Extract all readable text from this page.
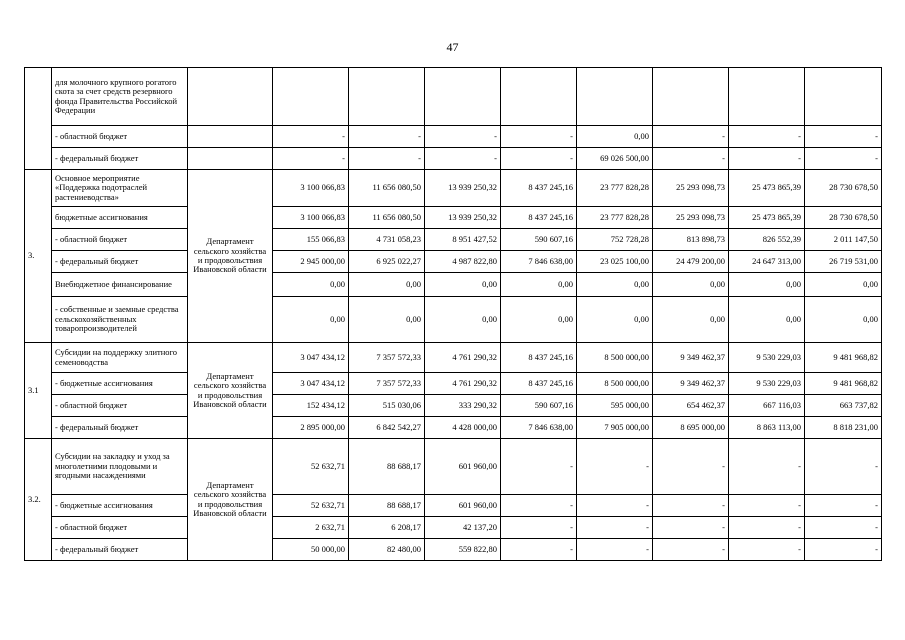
47
	для молочного крупного рогатого скота за счет средств резервного фонда Правительства Российской Федерации									
	- областной бюджет		-	-	-	-	0,00	-	-	-
	- федеральный бюджет		-	-	-	-	69 026 500,00	-	-	-
3.	Основное мероприятие «Поддержка подотраслей растениеводства»	Департамент сельского хозяйства и продовольствия Ивановской области	3 100 066,83	11 656 080,50	13 939 250,32	8 437 245,16	23 777 828,28	25 293 098,73	25 473 865,39	28 730 678,50
	бюджетные ассигнования		3 100 066,83	11 656 080,50	13 939 250,32	8 437 245,16	23 777 828,28	25 293 098,73	25 473 865,39	28 730 678,50
	- областной бюджет		155 066,83	4 731 058,23	8 951 427,52	590 607,16	752 728,28	813 898,73	826 552,39	2 011 147,50
	- федеральный бюджет		2 945 000,00	6 925 022,27	4 987 822,80	7 846 638,00	23 025 100,00	24 479 200,00	24 647 313,00	26 719 531,00
	Внебюджетное финансирование		0,00	0,00	0,00	0,00	0,00	0,00	0,00	0,00
	- собственные и заемные средства сельскохозяйственных товаропроизводителей		0,00	0,00	0,00	0,00	0,00	0,00	0,00	0,00
3.1	Субсидии на поддержку элитного семеноводства	Департамент сельского хозяйства и продовольствия Ивановской области	3 047 434,12	7 357 572,33	4 761 290,32	8 437 245,16	8 500 000,00	9 349 462,37	9 530 229,03	9 481 968,82
	- бюджетные ассигнования		3 047 434,12	7 357 572,33	4 761 290,32	8 437 245,16	8 500 000,00	9 349 462,37	9 530 229,03	9 481 968,82
	- областной бюджет		152 434,12	515 030,06	333 290,32	590 607,16	595 000,00	654 462,37	667 116,03	663 737,82
	- федеральный бюджет		2 895 000,00	6 842 542,27	4 428 000,00	7 846 638,00	7 905 000,00	8 695 000,00	8 863 113,00	8 818 231,00
3.2.	Субсидии на закладку и уход за многолетними плодовыми и ягодными насаждениями	Департамент сельского хозяйства и продовольствия Ивановской области	52 632,71	88 688,17	601 960,00	-	-	-	-	-
	- бюджетные ассигнования		52 632,71	88 688,17	601 960,00	-	-	-	-	-
	- областной бюджет		2 632,71	6 208,17	42 137,20	-	-	-	-	-
	- федеральный бюджет		50 000,00	82 480,00	559 822,80	-	-	-	-	-
